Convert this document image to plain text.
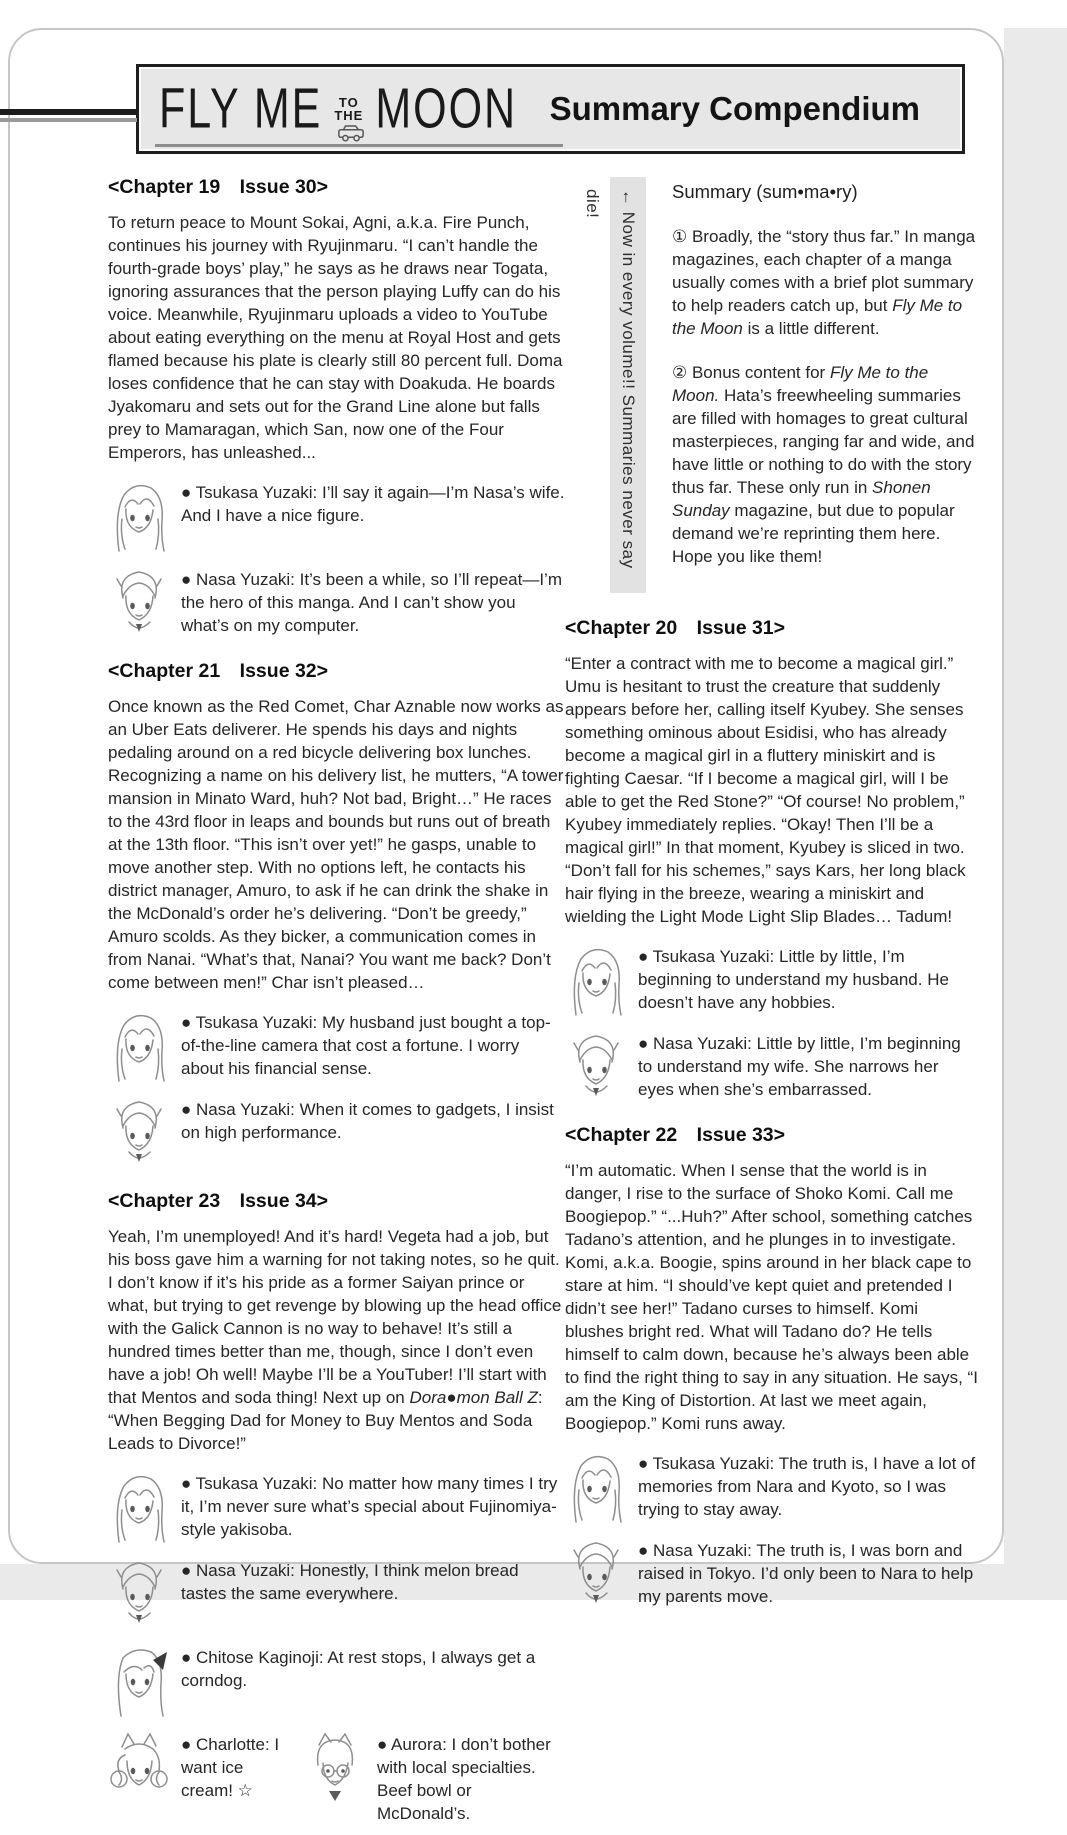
FLY ME	TO
THE MOON Summary Compendium
<Chapter 19 Issue 30>

To return peace to Mount Sokai, Agni, a.k.a. Fire Punch, continues his journey with Ryujinmaru. “I can’t handle the fourth-grade boys’ play,” he says as he draws near Togata, ignoring assurances that the person playing Luffy can do his voice. Meanwhile, Ryujinmaru uploads a video to YouTube about eating everything on the menu at Royal Host and gets flamed because his plate is clearly still 80 percent full. Doma loses confidence that he can stay with Doakuda. He boards Jyakomaru and sets out for the Grand Line alone but falls prey to Mamaragan, which San, now one of the Four Emperors, has unleashed...

● Tsukasa Yuzaki: I’ll say it again—I’m Nasa’s wife. And I have a nice figure.

● Nasa Yuzaki: It’s been a while, so I’ll repeat—I’m the hero of this manga. And I can’t show you what’s on my computer.

<Chapter 21 Issue 32>

Once known as the Red Comet, Char Aznable now works as an Uber Eats deliverer. He spends his days and nights pedaling around on a red bicycle delivering box lunches. Recognizing a name on his delivery list, he mutters, “A tower mansion in Minato Ward, huh? Not bad, Bright…” He races to the 43rd floor in leaps and bounds but runs out of breath at the 13th floor. “This isn’t over yet!” he gasps, unable to move another step. With no options left, he contacts his district manager, Amuro, to ask if he can drink the shake in the McDonald’s order he’s delivering. “Don’t be greedy,” Amuro scolds. As they bicker, a communication comes in from Nanai. “What’s that, Nanai? You want me back? Don’t come between men!” Char isn’t pleased…

● Tsukasa Yuzaki: My husband just bought a top-of-the-line camera that cost a fortune. I worry about his financial sense.

● Nasa Yuzaki: When it comes to gadgets, I insist on high performance.

<Chapter 23 Issue 34>

Yeah, I’m unemployed! And it’s hard! Vegeta had a job, but his boss gave him a warning for not taking notes, so he quit. I don’t know if it’s his pride as a former Saiyan prince or what, but trying to get revenge by blowing up the head office with the Galick Cannon is no way to behave! It’s still a hundred times better than me, though, since I don’t even have a job! Oh well! Maybe I’ll be a YouTuber! I’ll start with that Mentos and soda thing! Next up on Dora●mon Ball Z: “When Begging Dad for Money to Buy Mentos and Soda Leads to Divorce!”

● Tsukasa Yuzaki: No matter how many times I try it, I’m never sure what’s special about Fujinomiya-style yakisoba.

● Nasa Yuzaki: Honestly, I think melon bread tastes the same everywhere.

● Chitose Kaginoji: At rest stops, I always get a corndog.

● Charlotte: I want ice cream! ☆

● Aurora: I don’t bother with local specialties. Beef bowl or McDonald’s.

← Now in every volume!! Summaries never say die!	Summary (sum•ma•ry)

① Broadly, the “story thus far.” In manga magazines, each chapter of a manga usually comes with a brief plot summary to help readers catch up, but Fly Me to the Moon is a little different.

② Bonus content for Fly Me to the Moon. Hata’s freewheeling summaries are filled with homages to great cultural masterpieces, ranging far and wide, and have little or nothing to do with the story thus far. These only run in Shonen Sunday magazine, but due to popular demand we’re reprinting them here. Hope you like them!

<Chapter 20 Issue 31>

“Enter a contract with me to become a magical girl.” Umu is hesitant to trust the creature that suddenly appears before her, calling itself Kyubey. She senses something ominous about Esidisi, who has already become a magical girl in a fluttery miniskirt and is fighting Caesar. “If I become a magical girl, will I be able to get the Red Stone?” “Of course! No problem,” Kyubey immediately replies. “Okay! Then I’ll be a magical girl!” In that moment, Kyubey is sliced in two. “Don’t fall for his schemes,” says Kars, her long black hair flying in the breeze, wearing a miniskirt and wielding the Light Mode Light Slip Blades… Tadum!

● Tsukasa Yuzaki: Little by little, I’m beginning to understand my husband. He doesn’t have any hobbies.

● Nasa Yuzaki: Little by little, I’m beginning to understand my wife. She narrows her eyes when she’s embarrassed.

<Chapter 22 Issue 33>

“I’m automatic. When I sense that the world is in danger, I rise to the surface of Shoko Komi. Call me Boogiepop.” “...Huh?” After school, something catches Tadano’s attention, and he plunges in to investigate. Komi, a.k.a. Boogie, spins around in her black cape to stare at him. “I should’ve kept quiet and pretended I didn’t see her!” Tadano curses to himself. Komi blushes bright red. What will Tadano do? He tells himself to calm down, because he’s always been able to find the right thing to say in any situation. He says, “I am the King of Distortion. At last we meet again, Boogiepop.” Komi runs away.

● Tsukasa Yuzaki: The truth is, I have a lot of memories from Nara and Kyoto, so I was trying to stay away.

● Nasa Yuzaki: The truth is, I was born and raised in Tokyo. I’d only been to Nara to help my parents move.
